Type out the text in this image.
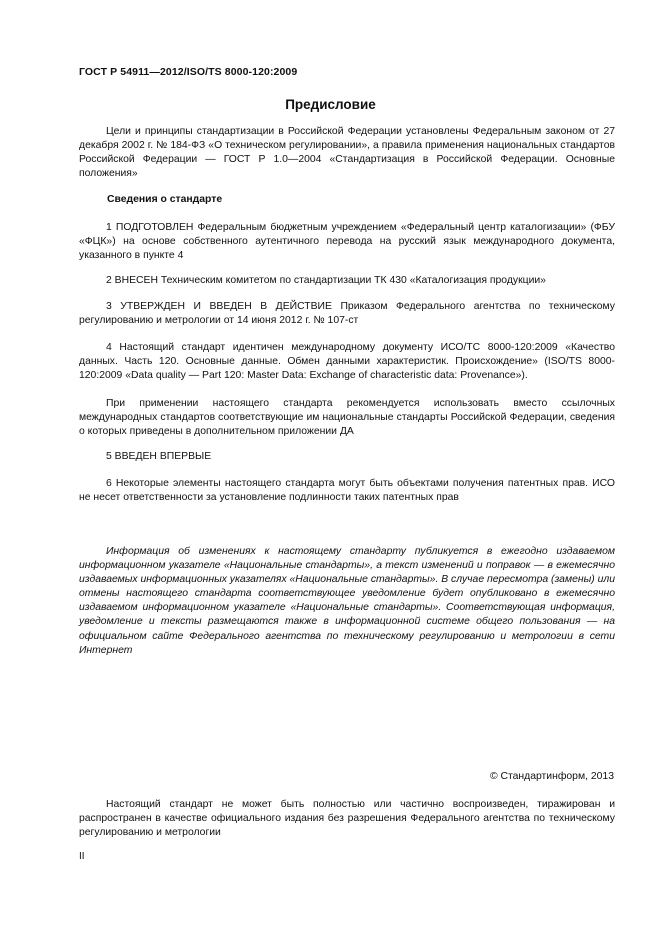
ГОСТ Р 54911—2012/ISO/TS 8000-120:2009
Предисловие
Цели и принципы стандартизации в Российской Федерации установлены Федеральным законом от 27 декабря 2002 г. № 184-ФЗ «О техническом регулировании», а правила применения национальных стандартов Российской Федерации — ГОСТ Р 1.0—2004 «Стандартизация в Российской Федерации. Основные положения»
Сведения о стандарте
1 ПОДГОТОВЛЕН Федеральным бюджетным учреждением «Федеральный центр каталогизации» (ФБУ «ФЦК») на основе собственного аутентичного перевода на русский язык международного документа, указанного в пункте 4
2 ВНЕСЕН Техническим комитетом по стандартизации ТК 430 «Каталогизация продукции»
3 УТВЕРЖДЕН И ВВЕДЕН В ДЕЙСТВИЕ Приказом Федерального агентства по техническому регулированию и метрологии от 14 июня 2012 г. № 107-ст
4 Настоящий стандарт идентичен международному документу ИСО/ТС 8000-120:2009 «Качество данных. Часть 120. Основные данные. Обмен данными характеристик. Происхождение» (ISO/TS 8000-120:2009 «Data quality — Part 120: Master Data: Exchange of characteristic data: Provenance»).
При применении настоящего стандарта рекомендуется использовать вместо ссылочных международных стандартов соответствующие им национальные стандарты Российской Федерации, сведения о которых приведены в дополнительном приложении ДА
5 ВВЕДЕН ВПЕРВЫЕ
6 Некоторые элементы настоящего стандарта могут быть объектами получения патентных прав. ИСО не несет ответственности за установление подлинности таких патентных прав
Информация об изменениях к настоящему стандарту публикуется в ежегодно издаваемом информационном указателе «Национальные стандарты», а текст изменений и поправок — в ежемесячно издаваемых информационных указателях «Национальные стандарты». В случае пересмотра (замены) или отмены настоящего стандарта соответствующее уведомление будет опубликовано в ежемесячно издаваемом информационном указателе «Национальные стандарты». Соответствующая информация, уведомление и тексты размещаются также в информационной системе общего пользования — на официальном сайте Федерального агентства по техническому регулированию и метрологии в сети Интернет
© Стандартинформ, 2013
Настоящий стандарт не может быть полностью или частично воспроизведен, тиражирован и распространен в качестве официального издания без разрешения Федерального агентства по техническому регулированию и метрологии
II
